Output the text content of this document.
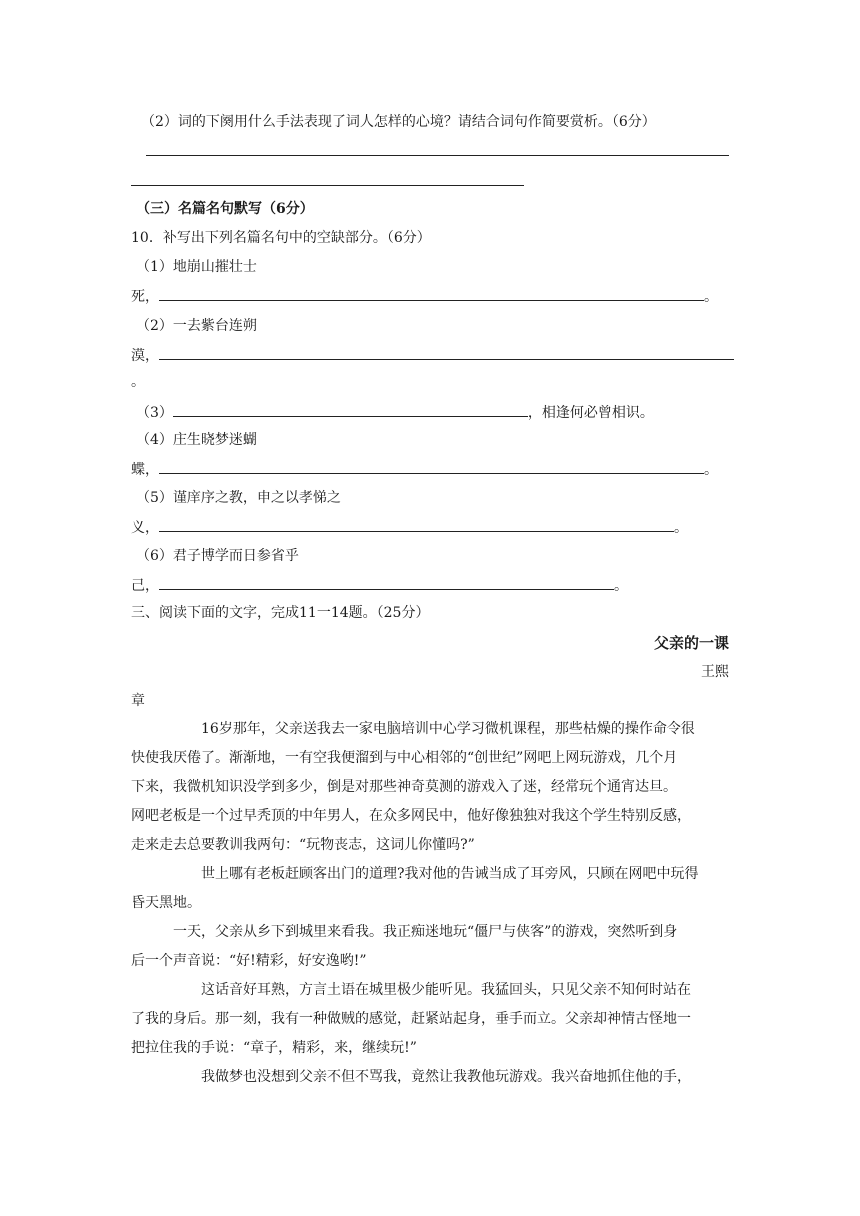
（2）词的下阕用什么手法表现了词人怎样的心境？请结合词句作简要赏析。（6分）
（三）名篇名句默写（6分）
10．补写出下列名篇名句中的空缺部分。（6分）
（1）地崩山摧壮士
死，	。
（2）一去紫台连朔
漠，
。
（3）	，相逢何必曾相识。
（4）庄生晓梦迷蝴
蝶，	。
（5）谨庠序之教，申之以孝悌之
义，	。
（6）君子博学而日参省乎
己，	。
三、阅读下面的文字，完成11一14题。（25分）
父亲的一课
王熙
章
16岁那年，父亲送我去一家电脑培训中心学习微机课程，那些枯燥的操作命令很
快使我厌倦了。渐渐地，一有空我便溜到与中心相邻的“创世纪”网吧上网玩游戏，几个月
下来，我微机知识没学到多少，倒是对那些神奇莫测的游戏入了迷，经常玩个通宵达旦。
网吧老板是一个过早秃顶的中年男人，在众多网民中，他好像独独对我这个学生特别反感，
走来走去总要教训我两句：“玩物丧志，这词儿你懂吗?”
世上哪有老板赶顾客出门的道理?我对他的告诫当成了耳旁风，只顾在网吧中玩得
昏天黑地。
一天，父亲从乡下到城里来看我。我正痴迷地玩“僵尸与侠客”的游戏，突然听到身
后一个声音说：“好!精彩，好安逸哟!”
这话音好耳熟，方言土语在城里极少能听见。我猛回头，只见父亲不知何时站在
了我的身后。那一刻，我有一种做贼的感觉，赶紧站起身，垂手而立。父亲却神情古怪地一
把拉住我的手说：“章子，精彩，来，继续玩!”
我做梦也没想到父亲不但不骂我，竟然让我教他玩游戏。我兴奋地抓住他的手，
